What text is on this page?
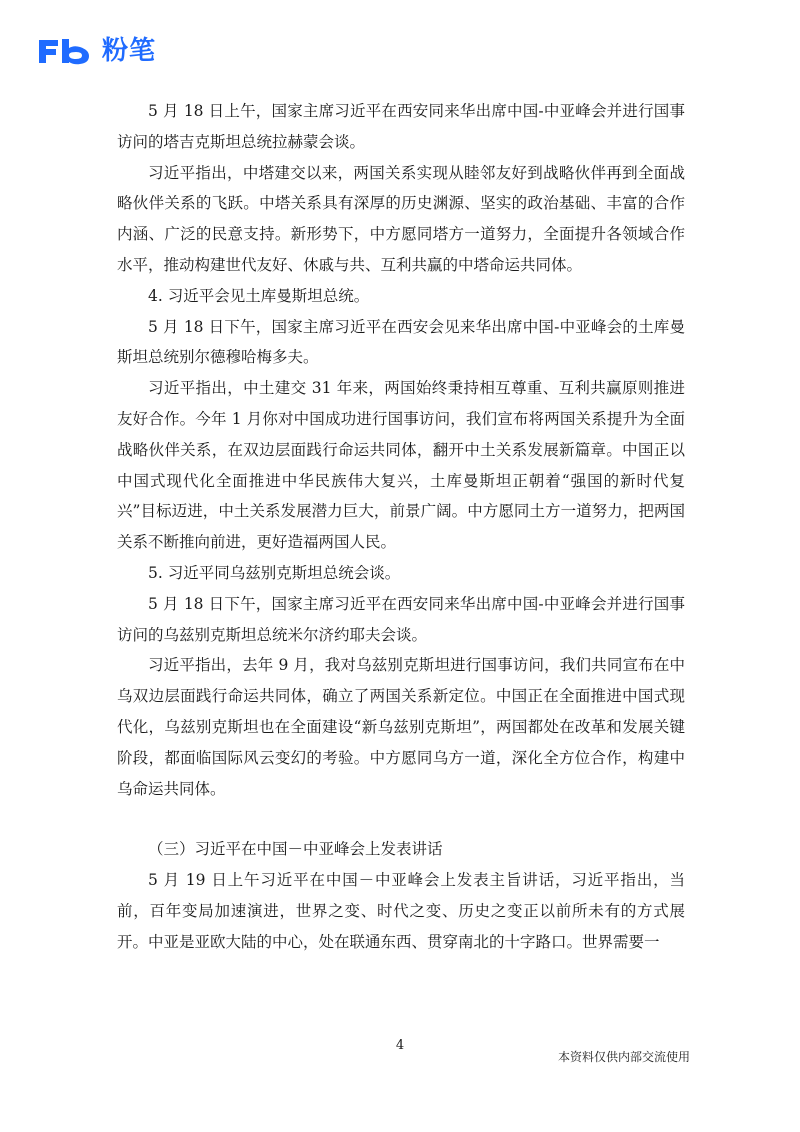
粉笔

5 月 18 日上午，国家主席习近平在西安同来华出席中国-中亚峰会并进行国事访问的塔吉克斯坦总统拉赫蒙会谈。

习近平指出，中塔建交以来，两国关系实现从睦邻友好到战略伙伴再到全面战略伙伴关系的飞跃。中塔关系具有深厚的历史渊源、坚实的政治基础、丰富的合作内涵、广泛的民意支持。新形势下，中方愿同塔方一道努力，全面提升各领域合作水平，推动构建世代友好、休戚与共、互利共赢的中塔命运共同体。

4. 习近平会见土库曼斯坦总统。

5 月 18 日下午，国家主席习近平在西安会见来华出席中国-中亚峰会的土库曼斯坦总统别尔德穆哈梅多夫。

习近平指出，中土建交 31 年来，两国始终秉持相互尊重、互利共赢原则推进友好合作。今年 1 月你对中国成功进行国事访问，我们宣布将两国关系提升为全面战略伙伴关系，在双边层面践行命运共同体，翻开中土关系发展新篇章。中国正以中国式现代化全面推进中华民族伟大复兴，土库曼斯坦正朝着“强国的新时代复兴”目标迈进，中土关系发展潜力巨大，前景广阔。中方愿同土方一道努力，把两国关系不断推向前进，更好造福两国人民。

5. 习近平同乌兹别克斯坦总统会谈。

5 月 18 日下午，国家主席习近平在西安同来华出席中国-中亚峰会并进行国事访问的乌兹别克斯坦总统米尔济约耶夫会谈。

习近平指出，去年 9 月，我对乌兹别克斯坦进行国事访问，我们共同宣布在中乌双边层面践行命运共同体，确立了两国关系新定位。中国正在全面推进中国式现代化，乌兹别克斯坦也在全面建设“新乌兹别克斯坦”，两国都处在改革和发展关键阶段，都面临国际风云变幻的考验。中方愿同乌方一道，深化全方位合作，构建中乌命运共同体。

（三）习近平在中国－中亚峰会上发表讲话

5 月 19 日上午习近平在中国－中亚峰会上发表主旨讲话，习近平指出，当前，百年变局加速演进，世界之变、时代之变、历史之变正以前所未有的方式展开。中亚是亚欧大陆的中心，处在联通东西、贯穿南北的十字路口。世界需要一

4
本资料仅供内部交流使用
